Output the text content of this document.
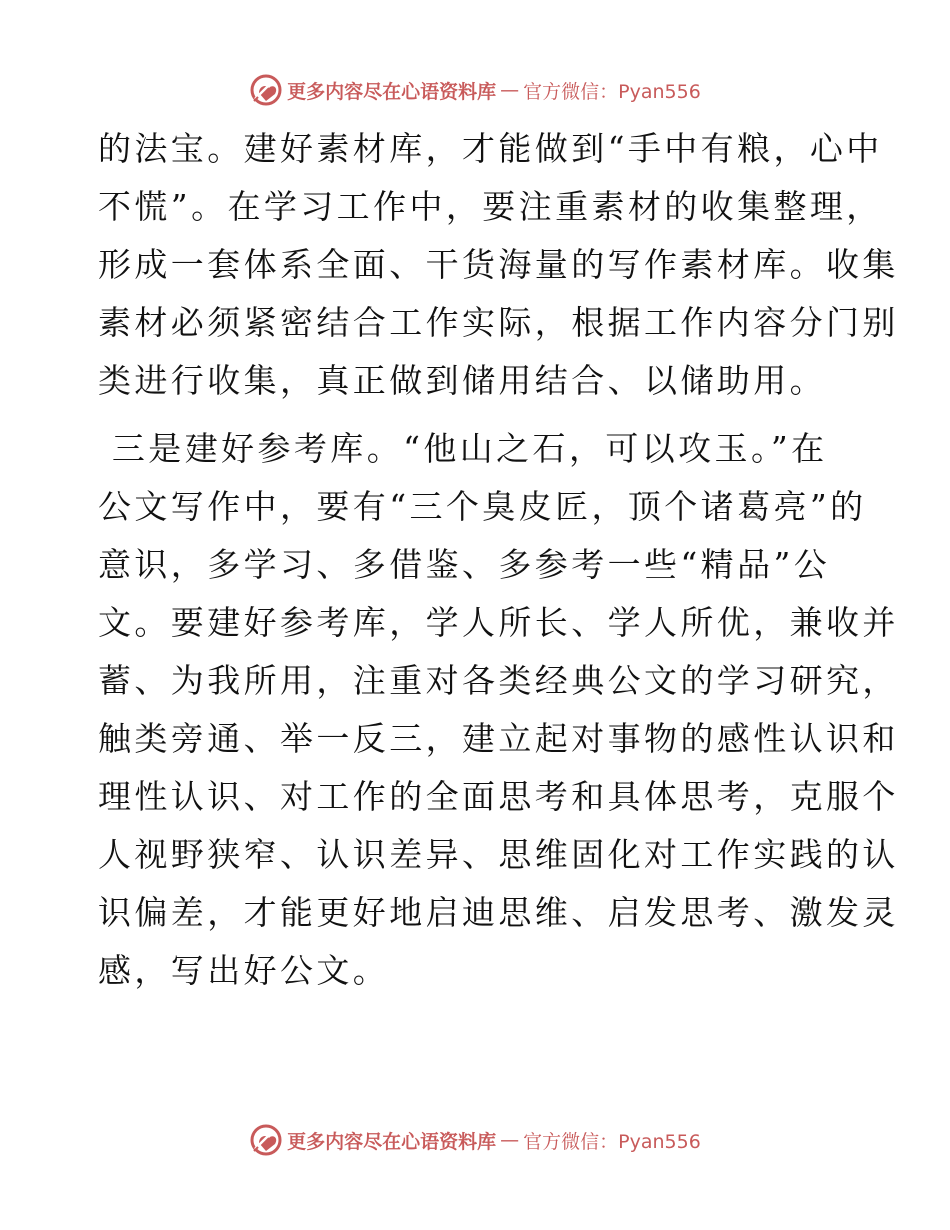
更多内容尽在心语资料库 — 官方微信：Pyan556

的法宝。建好素材库，才能做到“手中有粮，心中
不慌”。在学习工作中，要注重素材的收集整理，
形成一套体系全面、干货海量的写作素材库。收集
素材必须紧密结合工作实际，根据工作内容分门别
类进行收集，真正做到储用结合、以储助用。

三是建好参考库。“他山之石，可以攻玉。”在
公文写作中，要有“三个臭皮匠，顶个诸葛亮”的
意识，多学习、多借鉴、多参考一些“精品”公
文。要建好参考库，学人所长、学人所优，兼收并
蓄、为我所用，注重对各类经典公文的学习研究，
触类旁通、举一反三，建立起对事物的感性认识和
理性认识、对工作的全面思考和具体思考，克服个
人视野狭窄、认识差异、思维固化对工作实践的认
识偏差，才能更好地启迪思维、启发思考、激发灵
感，写出好公文。

更多内容尽在心语资料库 — 官方微信：Pyan556
